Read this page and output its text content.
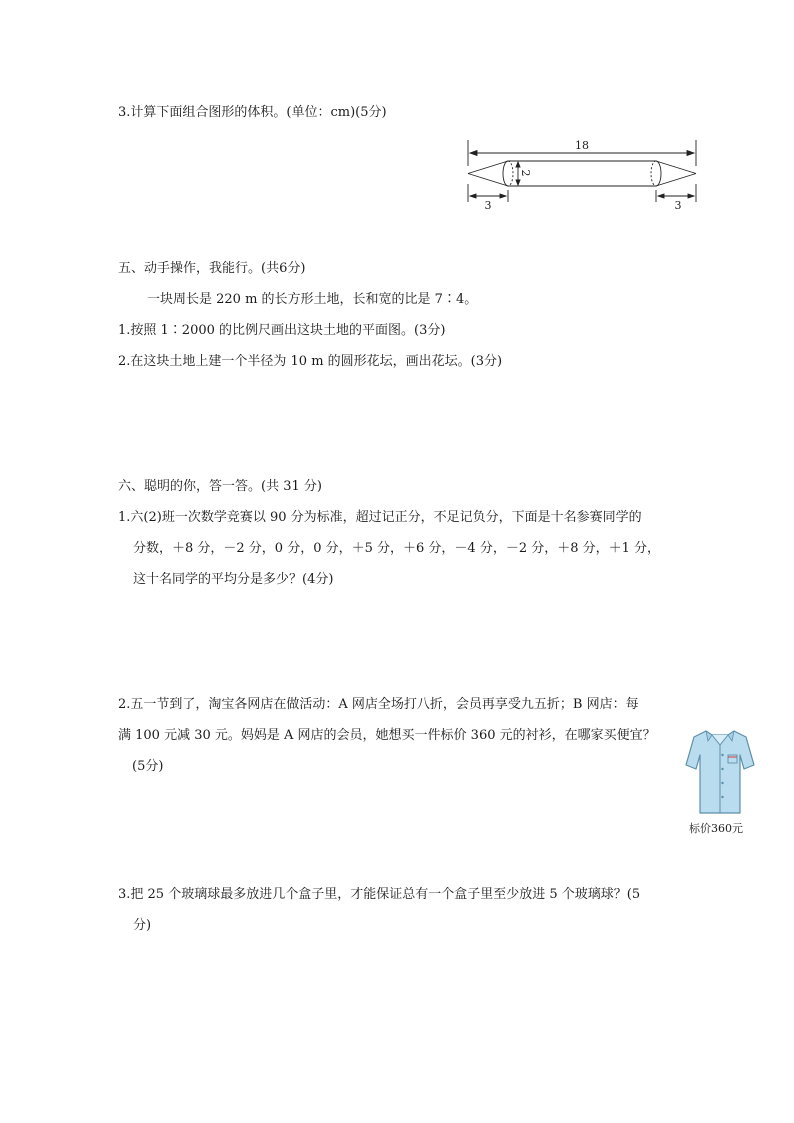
3.计算下面组合图形的体积。(单位：cm)(5分)
18
2
3	3
五、动手操作，我能行。(共6分)
一块周长是 220 m 的长方形土地，长和宽的比是 7∶4。
1.按照 1∶2000 的比例尺画出这块土地的平面图。(3分)
2.在这块土地上建一个半径为 10 m 的圆形花坛，画出花坛。(3分)
六、聪明的你，答一答。(共 31 分)
1.六(2)班一次数学竞赛以 90 分为标准，超过记正分，不足记负分，下面是十名参赛同学的
分数，＋8 分，－2 分，0 分，0 分，＋5 分，＋6 分，－4 分，－2 分，＋8 分，＋1 分，
这十名同学的平均分是多少？(4分)
2.五一节到了，淘宝各网店在做活动：A 网店全场打八折，会员再享受九五折；B 网店：每
满 100 元减 30 元。妈妈是 A 网店的会员，她想买一件标价 360 元的衬衫，在哪家买便宜？
(5分)
标价360元
3.把 25 个玻璃球最多放进几个盒子里，才能保证总有一个盒子里至少放进 5 个玻璃球？(5
分)
